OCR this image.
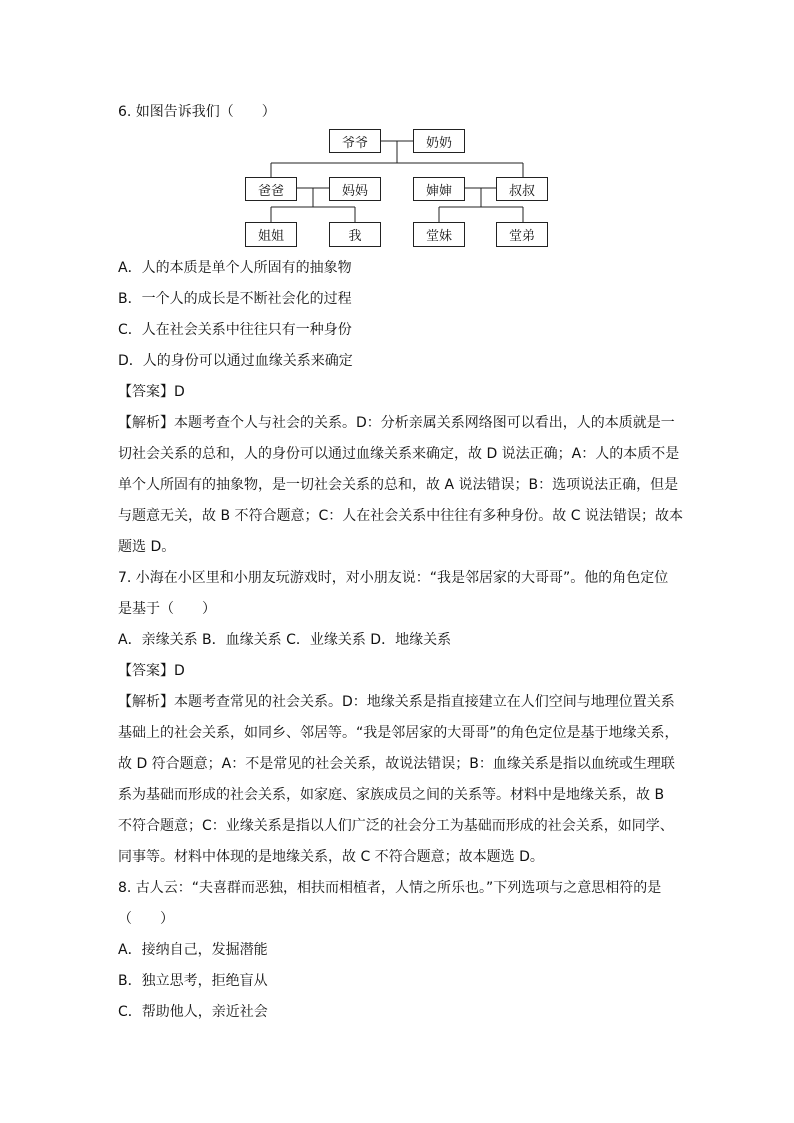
6. 如图告诉我们（　　）
爷爷	奶奶
爸爸	妈妈	婶婶	叔叔
姐姐	我	堂妹	堂弟
A．人的本质是单个人所固有的抽象物
B．一个人的成长是不断社会化的过程
C．人在社会关系中往往只有一种身份
D．人的身份可以通过血缘关系来确定
【答案】D
【解析】本题考查个人与社会的关系。D：分析亲属关系网络图可以看出，人的本质就是一
切社会关系的总和，人的身份可以通过血缘关系来确定，故 D 说法正确；A：人的本质不是
单个人所固有的抽象物，是一切社会关系的总和，故 A 说法错误；B：选项说法正确，但是
与题意无关，故 B 不符合题意；C：人在社会关系中往往有多种身份。故 C 说法错误；故本
题选 D。
7. 小海在小区里和小朋友玩游戏时，对小朋友说：“我是邻居家的大哥哥”。他的角色定位
是基于（　　）
A．亲缘关系 B．血缘关系 C．业缘关系 D．地缘关系
【答案】D
【解析】本题考查常见的社会关系。D：地缘关系是指直接建立在人们空间与地理位置关系
基础上的社会关系，如同乡、邻居等。“我是邻居家的大哥哥”的角色定位是基于地缘关系，
故 D 符合题意；A：不是常见的社会关系，故说法错误；B：血缘关系是指以血统或生理联
系为基础而形成的社会关系，如家庭、家族成员之间的关系等。材料中是地缘关系，故 B
不符合题意；C：业缘关系是指以人们广泛的社会分工为基础而形成的社会关系，如同学、
同事等。材料中体现的是地缘关系，故 C 不符合题意；故本题选 D。
8. 古人云：“夫喜群而恶独，相扶而相植者，人情之所乐也。”下列选项与之意思相符的是
（　　）
A．接纳自己，发掘潜能
B．独立思考，拒绝盲从
C．帮助他人，亲近社会
